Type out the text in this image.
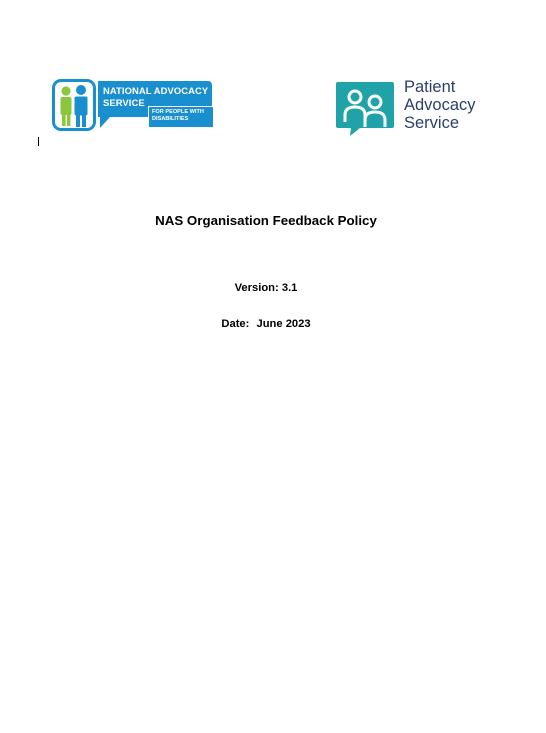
NATIONAL ADVOCACY SERVICE
FOR PEOPLE WITH DISABILITIES
Patient
Advocacy
Service
NAS Organisation Feedback Policy
Version: 3.1
Date: June 2023
